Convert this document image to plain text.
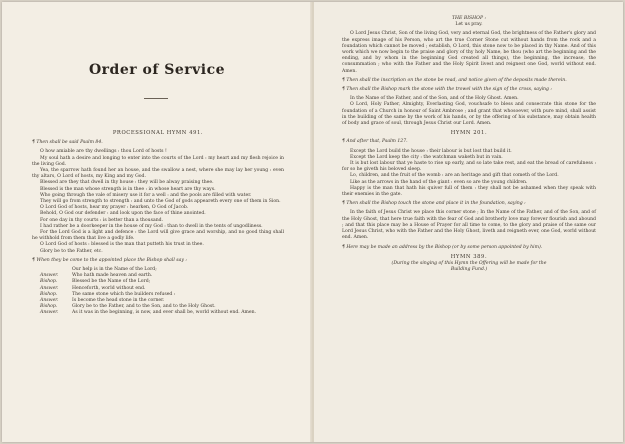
Order of Service
PROCESSIONAL HYMN 491.

¶ Then shall be said Psalm 84.

O how amiable are thy dwellings : thou Lord of hosts !

My soul hath a desire and longing to enter into the courts of the Lord : my heart and my flesh rejoice in the living God.

Yea, the sparrow hath found her an house, and the swallow a nest, where she may lay her young : even thy altars, O Lord of hosts, my King and my God.

Blessed are they that dwell in thy house : they will be alway praising thee.

Blessed is the man whose strength is in thee : in whose heart are thy ways.

Who going through the vale of misery use it for a well : and the pools are filled with water.

They will go from strength to strength : and unto the God of gods appeareth every one of them in Sion.

O Lord God of hosts, hear my prayer : hearken, O God of Jacob.

Behold, O God our defender : and look upon the face of thine anointed.

For one day in thy courts : is better than a thousand.

I had rather be a doorkeeper in the house of my God : than to dwell in the tents of ungodliness.

For the Lord God is a light and defence : the Lord will give grace and worship, and no good thing shall he withhold from them that live a godly life.

O Lord God of hosts : blessed is the man that putteth his trust in thee.

Glory be to the Father, etc.

¶ When they be come to the appointed place the Bishop shall say :

Our help is in the Name of the Lord;
Answer.	Who hath made heaven and earth.
Bishop.	Blessed be the Name of the Lord;
Answer.	Henceforth, world without end.
Bishop.	The same stone which the builders refused :
Answer.	Is become the head stone in the corner.
Bishop.	Glory be to the Father, and to the Son, and to the Holy Ghost.
Answer.	As it was in the beginning, is now, and ever shall be, world without end. Amen.

THE BISHOP :

Let us pray.

O Lord Jesus Christ, Son of the living God, very and eternal God, the brightness of the Father's glory and the express image of his Person, who art the true Corner Stone cut without hands from the rock and a foundation which cannot be moved ; establish, O Lord, this stone now to be placed in thy Name. And of this work which we now begin to the praise and glory of thy holy Name, be thou (who art the beginning and the ending, and by whom in the beginning God created all things), the beginning, the increase, the consummation ; who with the Father and the Holy Spirit livest and reignest one God, world without end. Amen.

¶ Then shall the inscription on the stone be read, and notice given of the deposits made therein.

¶ Then shall the Bishop mark the stone with the trowel with the sign of the cross, saying :

In the Name of the Father, and of the Son, and of the Holy Ghost. Amen.

O Lord, Holy Father, Almighty, Everlasting God, vouchsafe to bless and consecrate this stone for the foundation of a Church in honour of Saint Ambrose ; and grant that whosoever, with pure mind, shall assist in the building of the same by the work of his hands, or by the offering of his substance, may obtain health of body and grace of soul, through Jesus Christ our Lord. Amen.

HYMN 201.

¶ And after that, Psalm 127.

Except the Lord build the house : their labour is but lost that build it.

Except the Lord keep the city : the watchman waketh but in vain.

It is but lost labour that ye haste to rise up early, and so late take rest, and eat the bread of carefulness : for so he giveth his beloved sleep.

Lo, children, and the fruit of the womb : are an heritage and gift that cometh of the Lord.

Like as the arrows in the hand of the giant : even so are the young children.

Happy is the man that hath his quiver full of them : they shall not be ashamed when they speak with their enemies in the gate.

¶ Then shall the Bishop touch the stone and place it in the foundation, saying :

In the faith of Jesus Christ we place this corner stone ; In the Name of the Father, and of the Son, and of the Holy Ghost, that here true faith with the fear of God and brotherly love may forever flourish and abound ; and that this place may be a House of Prayer for all time to come, to the glory and praise of the same our Lord Jesus Christ, who with the Father and the Holy Ghost, liveth and reigneth ever, one God, world without end. Amen.

¶ Here may be made an address by the Bishop (or by some person appointed by him).

HYMN 389.

(During the singing of this Hymn the Offering will be made for the Building Fund.)
